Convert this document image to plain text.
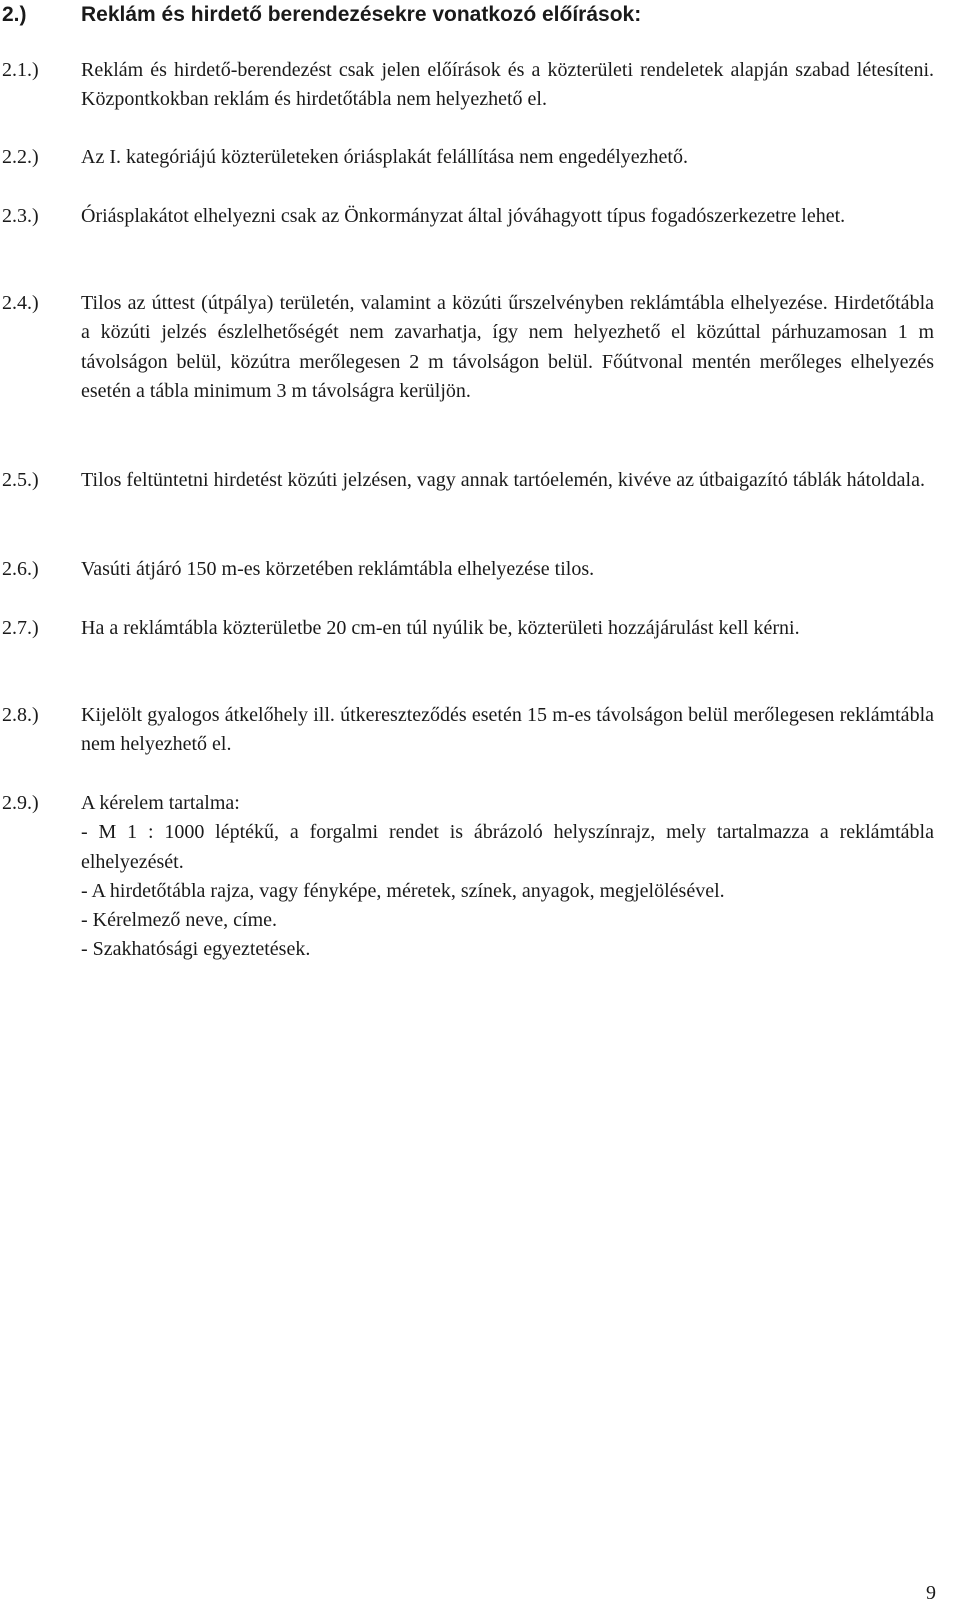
2.)	Reklám és hirdető berendezésekre vonatkozó előírások:
2.1.) Reklám és hirdető-berendezést csak jelen előírások és a közterületi rendeletek alapján szabad létesíteni. Központkokban reklám és hirdetőtábla nem helyezhető el.

2.2.) Az I. kategóriájú közterületeken óriásplakát felállítása nem engedélyezhető.

2.3.) Óriásplakátot elhelyezni csak az Önkormányzat által jóváhagyott típus fogadószerkezetre lehet.

2.4.) Tilos az úttest (útpálya) területén, valamint a közúti űrszelvényben reklámtábla elhelyezése. Hirdetőtábla a közúti jelzés észlelhetőségét nem zavarhatja, így nem helyezhető el közúttal párhuzamosan 1 m távolságon belül, közútra merőlegesen 2 m távolságon belül. Főútvonal mentén merőleges elhelyezés esetén a tábla minimum 3 m távolságra kerüljön.

2.5.) Tilos feltüntetni hirdetést közúti jelzésen, vagy annak tartóelemén, kivéve az útbaigazító táblák hátoldala.

2.6.) Vasúti átjáró 150 m-es körzetében reklámtábla elhelyezése tilos.

2.7.) Ha a reklámtábla közterületbe 20 cm-en túl nyúlik be, közterületi hozzájárulást kell kérni.

2.8.) Kijelölt gyalogos átkelőhely ill. útkereszteződés esetén 15 m-es távolságon belül merőlegesen reklámtábla nem helyezhető el.

2.9.) A kérelem tartalma:

- M 1 : 1000 léptékű, a forgalmi rendet is ábrázoló helyszínrajz, mely tartalmazza a reklámtábla elhelyezését.

- A hirdetőtábla rajza, vagy fényképe, méretek, színek, anyagok, megjelölésével.

- Kérelmező neve, címe.

- Szakhatósági egyeztetések.

9
